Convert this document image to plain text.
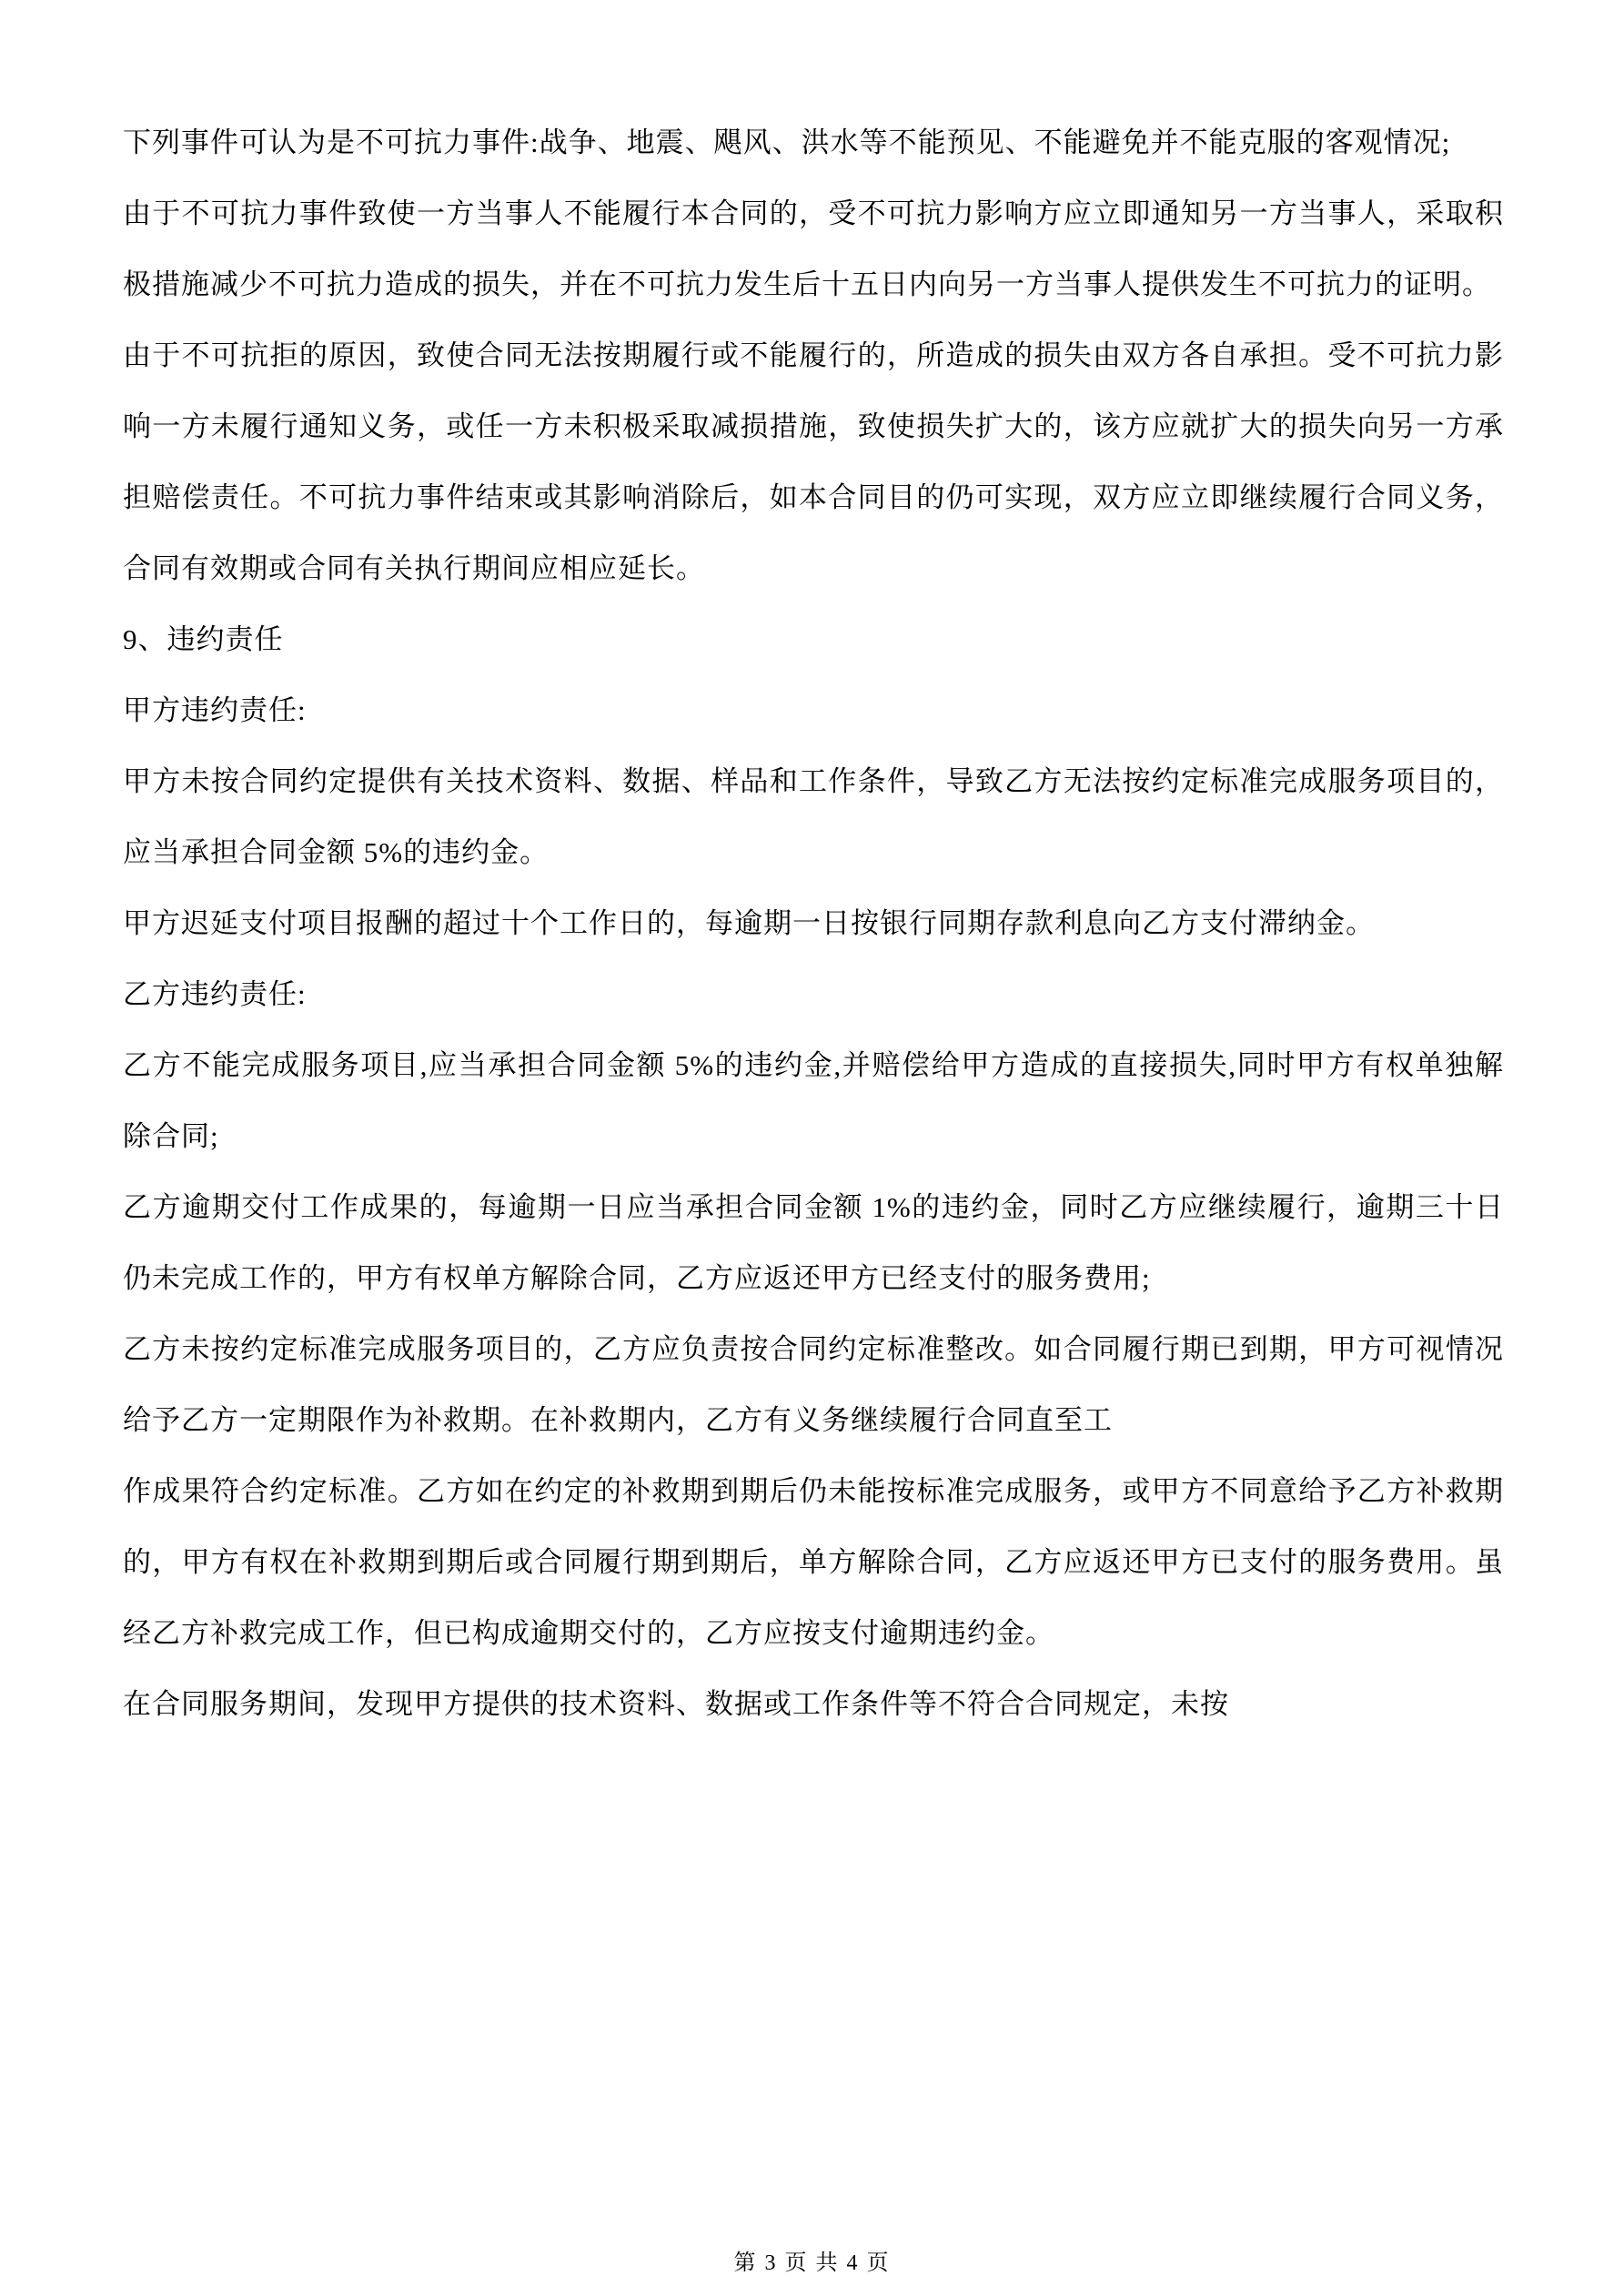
下列事件可认为是不可抗力事件:战争、地震、飓风、洪水等不能预见、不能避免并不能克服的客观情况;

由于不可抗力事件致使一方当事人不能履行本合同的，受不可抗力影响方应立即通知另一方当事人，采取积极措施减少不可抗力造成的损失，并在不可抗力发生后十五日内向另一方当事人提供发生不可抗力的证明。

由于不可抗拒的原因，致使合同无法按期履行或不能履行的，所造成的损失由双方各自承担。受不可抗力影响一方未履行通知义务，或任一方未积极采取减损措施，致使损失扩大的，该方应就扩大的损失向另一方承担赔偿责任。不可抗力事件结束或其影响消除后，如本合同目的仍可实现，双方应立即继续履行合同义务，合同有效期或合同有关执行期间应相应延长。

9、违约责任

甲方违约责任:

甲方未按合同约定提供有关技术资料、数据、样品和工作条件，导致乙方无法按约定标准完成服务项目的，应当承担合同金额 5%的违约金。

甲方迟延支付项目报酬的超过十个工作日的，每逾期一日按银行同期存款利息向乙方支付滞纳金。

乙方违约责任:

乙方不能完成服务项目,应当承担合同金额 5%的违约金,并赔偿给甲方造成的直接损失,同时甲方有权单独解除合同;

乙方逾期交付工作成果的，每逾期一日应当承担合同金额 1%的违约金，同时乙方应继续履行，逾期三十日仍未完成工作的，甲方有权单方解除合同，乙方应返还甲方已经支付的服务费用;

乙方未按约定标准完成服务项目的，乙方应负责按合同约定标准整改。如合同履行期已到期，甲方可视情况给予乙方一定期限作为补救期。在补救期内，乙方有义务继续履行合同直至工

作成果符合约定标准。乙方如在约定的补救期到期后仍未能按标准完成服务，或甲方不同意给予乙方补救期的，甲方有权在补救期到期后或合同履行期到期后，单方解除合同，乙方应返还甲方已支付的服务费用。虽经乙方补救完成工作，但已构成逾期交付的，乙方应按支付逾期违约金。

在合同服务期间，发现甲方提供的技术资料、数据或工作条件等不符合合同规定，未按

第 3 页 共 4 页
